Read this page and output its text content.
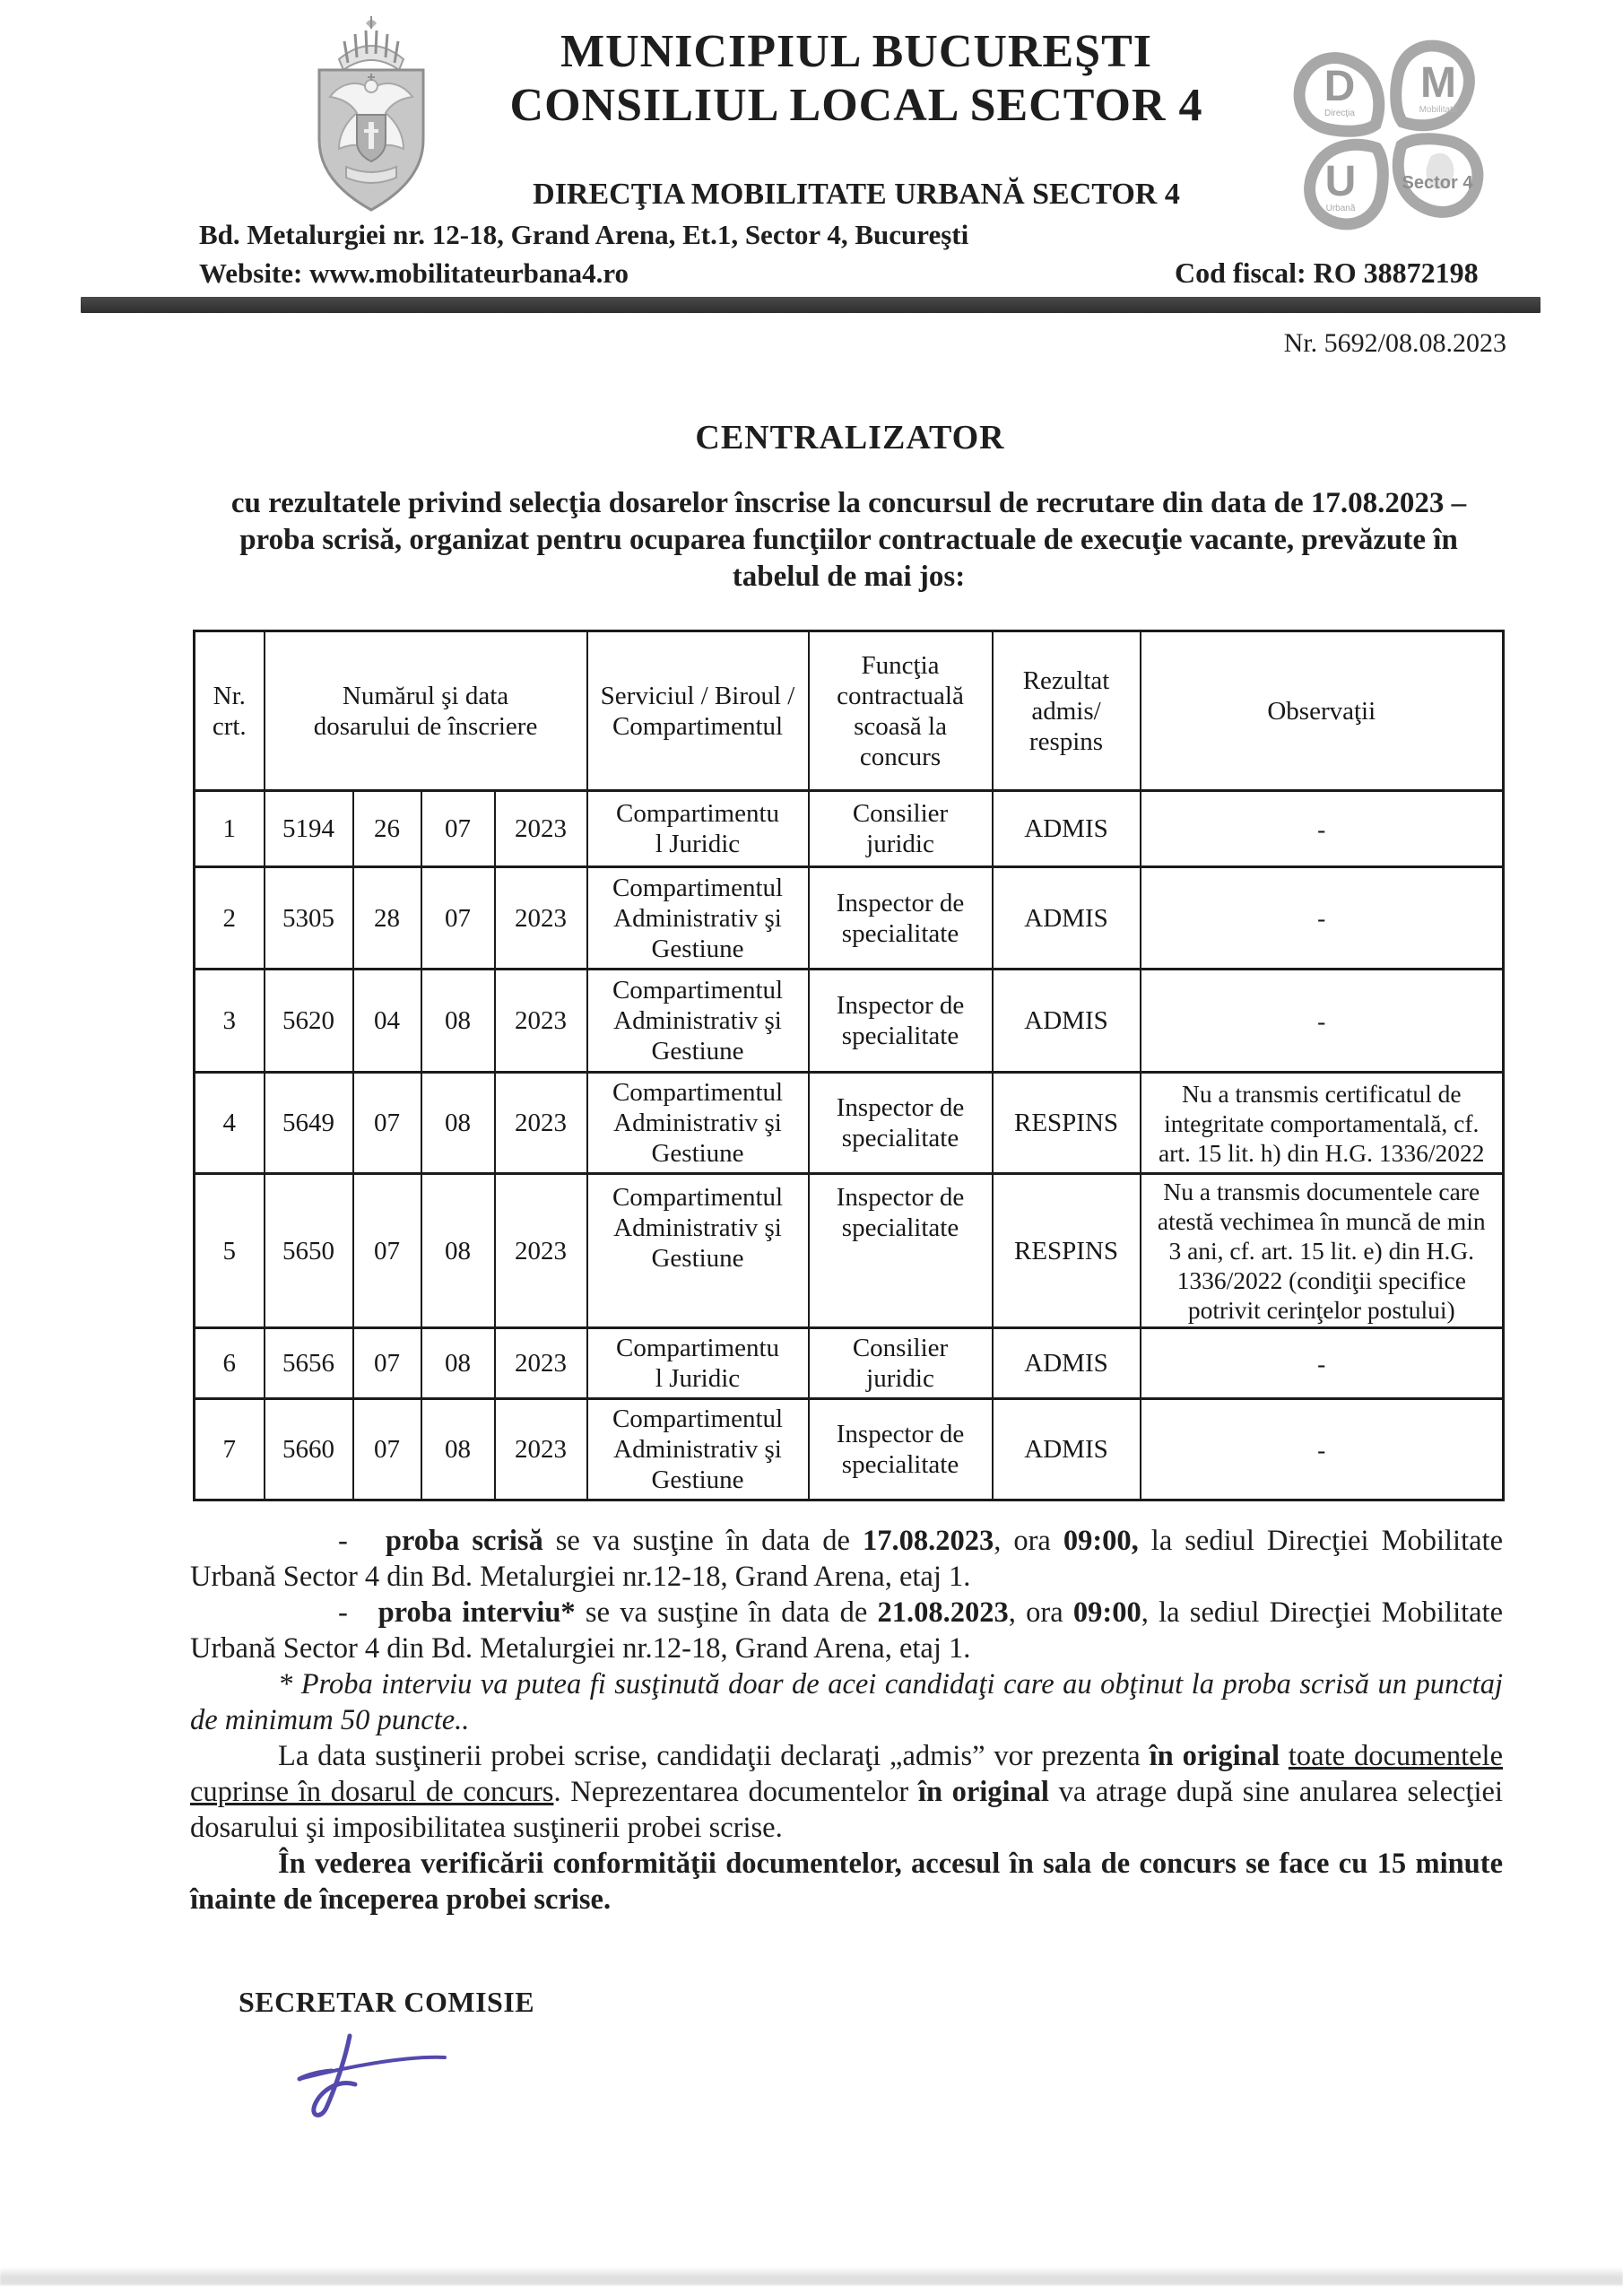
MUNICIPIUL BUCUREŞTI
CONSILIUL LOCAL SECTOR 4
DIRECŢIA MOBILITATE URBANĂ SECTOR 4
Bd. Metalurgiei nr. 12-18, Grand Arena, Et.1, Sector 4, Bucureşti
Website: www.mobilitateurbana4.ro	Cod fiscal: RO 38872198
D
Direcţia
M
Mobilitate
U
Urbană
Sector 4
Nr. 5692/08.08.2023
CENTRALIZATOR
cu rezultatele privind selecţia dosarelor înscrise la concursul de recrutare din data de 17.08.2023 – proba scrisă, organizat pentru ocuparea funcţiilor contractuale de execuţie vacante, prevăzute în tabelul de mai jos:
Nr.
crt.	Numărul şi data
dosarului de înscriere				Serviciul / Biroul /
Compartimentul	Funcţia
contractuală
scoasă la
concurs	Rezultat
admis/
respins	Observaţii
1	5194	26	07	2023	Compartimentu
l Juridic	Consilier
juridic	ADMIS	-
2	5305	28	07	2023	Compartimentul
Administrativ şi
Gestiune	Inspector de
specialitate	ADMIS	-
3	5620	04	08	2023	Compartimentul
Administrativ şi
Gestiune	Inspector de
specialitate	ADMIS	-
4	5649	07	08	2023	Compartimentul
Administrativ şi
Gestiune	Inspector de
specialitate	RESPINS	Nu a transmis certificatul de
integritate comportamentală, cf.
art. 15 lit. h) din H.G. 1336/2022
5	5650	07	08	2023	Compartimentul
Administrativ şi
Gestiune	Inspector de
specialitate	RESPINS	Nu a transmis documentele care
atestă vechimea în muncă de min
3 ani, cf. art. 15 lit. e) din H.G.
1336/2022 (condiţii specifice
potrivit cerinţelor postului)
6	5656	07	08	2023	Compartimentu
l Juridic	Consilier
juridic	ADMIS	-
7	5660	07	08	2023	Compartimentul
Administrativ şi
Gestiune	Inspector de
specialitate	ADMIS	-

-   proba scrisă se va susţine în data de 17.08.2023, ora 09:00, la sediul Direcţiei Mobilitate Urbană Sector 4 din Bd. Metalurgiei nr.12-18, Grand Arena, etaj 1.

-   proba interviu* se va susţine în data de 21.08.2023, ora 09:00, la sediul Direcţiei Mobilitate Urbană Sector 4 din Bd. Metalurgiei nr.12-18, Grand Arena, etaj 1.

* Proba interviu va putea fi susţinută doar de acei candidaţi care au obţinut la proba scrisă un punctaj de minimum 50 puncte..

La data susţinerii probei scrise, candidaţii declaraţi „admis” vor prezenta în original toate documentele cuprinse în dosarul de concurs. Neprezentarea documentelor în original va atrage după sine anularea selecţiei dosarului şi imposibilitatea susţinerii probei scrise.

În vederea verificării conformităţii documentelor, accesul în sala de concurs se face cu 15 minute înainte de începerea probei scrise.

SECRETAR COMISIE
